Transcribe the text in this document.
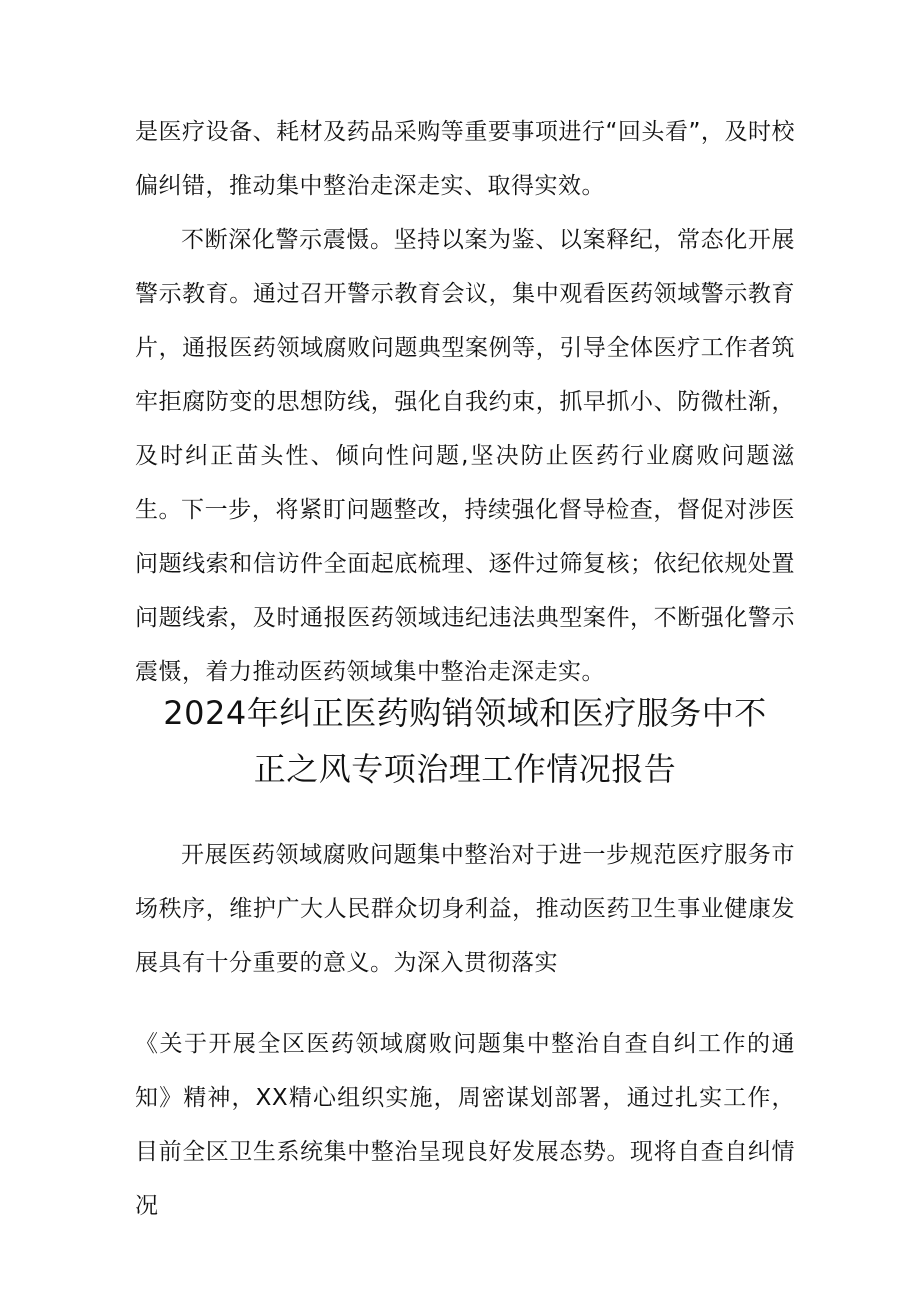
是医疗设备、耗材及药品采购等重要事项进行“回头看”，及时校偏纠错，推动集中整治走深走实、取得实效。

不断深化警示震慑。坚持以案为鉴、以案释纪，常态化开展警示教育。通过召开警示教育会议，集中观看医药领域警示教育片，通报医药领域腐败问题典型案例等，引导全体医疗工作者筑牢拒腐防变的思想防线，强化自我约束，抓早抓小、防微杜渐，及时纠正苗头性、倾向性问题,坚决防止医药行业腐败问题滋生。 下一步，将紧盯问题整改，持续强化督导检查，督促对涉医问题线索和信访件全面起底梳理、逐件过筛复核；依纪依规处置问题线索，及时通报医药领域违纪违法典型案件，不断强化警示震慑，着力推动医药领域集中整治走深走实。

2024年纠正医药购销领域和医疗服务中不
正之风专项治理工作情况报告

开展医药领域腐败问题集中整治对于进一步规范医疗服务市场秩序，维护广大人民群众切身利益，推动医药卫生事业健康发展具有十分重要的意义。为深入贯彻落实

《关于开展全区医药领域腐败问题集中整治自查自纠工作的通知》精神，XX精心组织实施，周密谋划部署，通过扎实工作，目前全区卫生系统集中整治呈现良好发展态势。现将自查自纠情况
